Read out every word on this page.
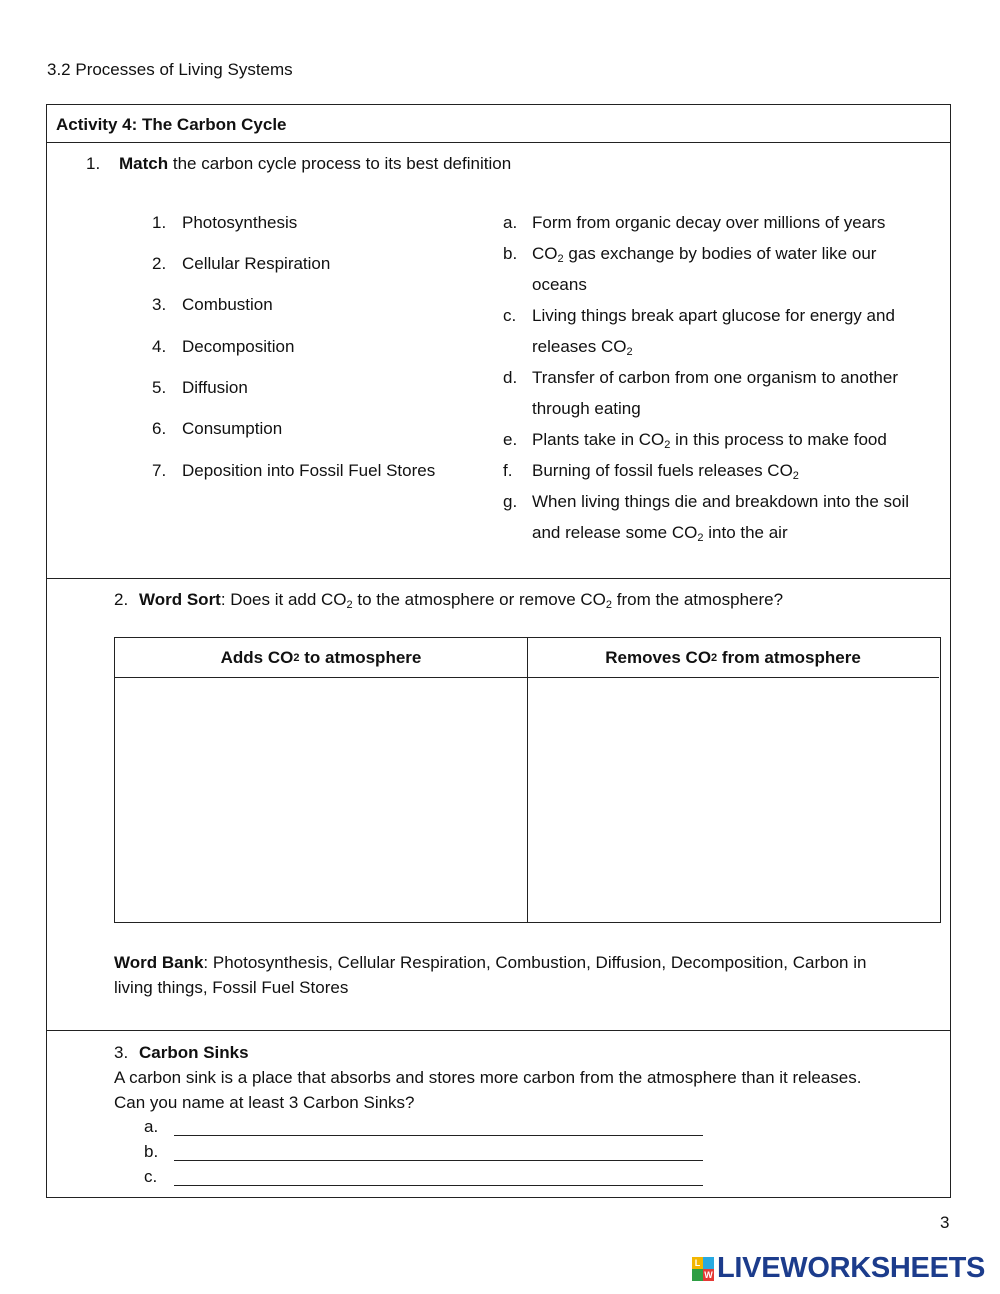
3.2 Processes of Living Systems
Activity 4: The Carbon Cycle
1. Match the carbon cycle process to its best definition
1. Photosynthesis
2. Cellular Respiration
3. Combustion
4. Decomposition
5. Diffusion
6. Consumption
7. Deposition into Fossil Fuel Stores
a. Form from organic decay over millions of years
b. $CO_2$ gas exchange by bodies of water like our
oceans
c. Living things break apart glucose for energy and
releases $CO_2$
d. Transfer of carbon from one organism to another
through eating
e. Plants take in $CO_2$ in this process to make food
f. Burning of fossil fuels releases $CO_2$
g. When living things die and breakdown into the soil
and release some $CO_2$ into the air
2. Word Sort: Does it add $CO_2$ to the atmosphere or remove $CO_2$ from the atmosphere?
Adds CO 2
to atmosphere	Removes CO 2
from atmosphere
Word Bank: Photosynthesis, Cellular Respiration, Combustion, Diffusion, Decomposition, Carbon in
living things, Fossil Fuel Stores
3. Carbon Sinks
A carbon sink is a place that absorbs and stores more carbon from the atmosphere than it releases.
Can you name at least 3 Carbon Sinks?
a.
b.
c.
3
L
W LIVEWORKSHEETS
